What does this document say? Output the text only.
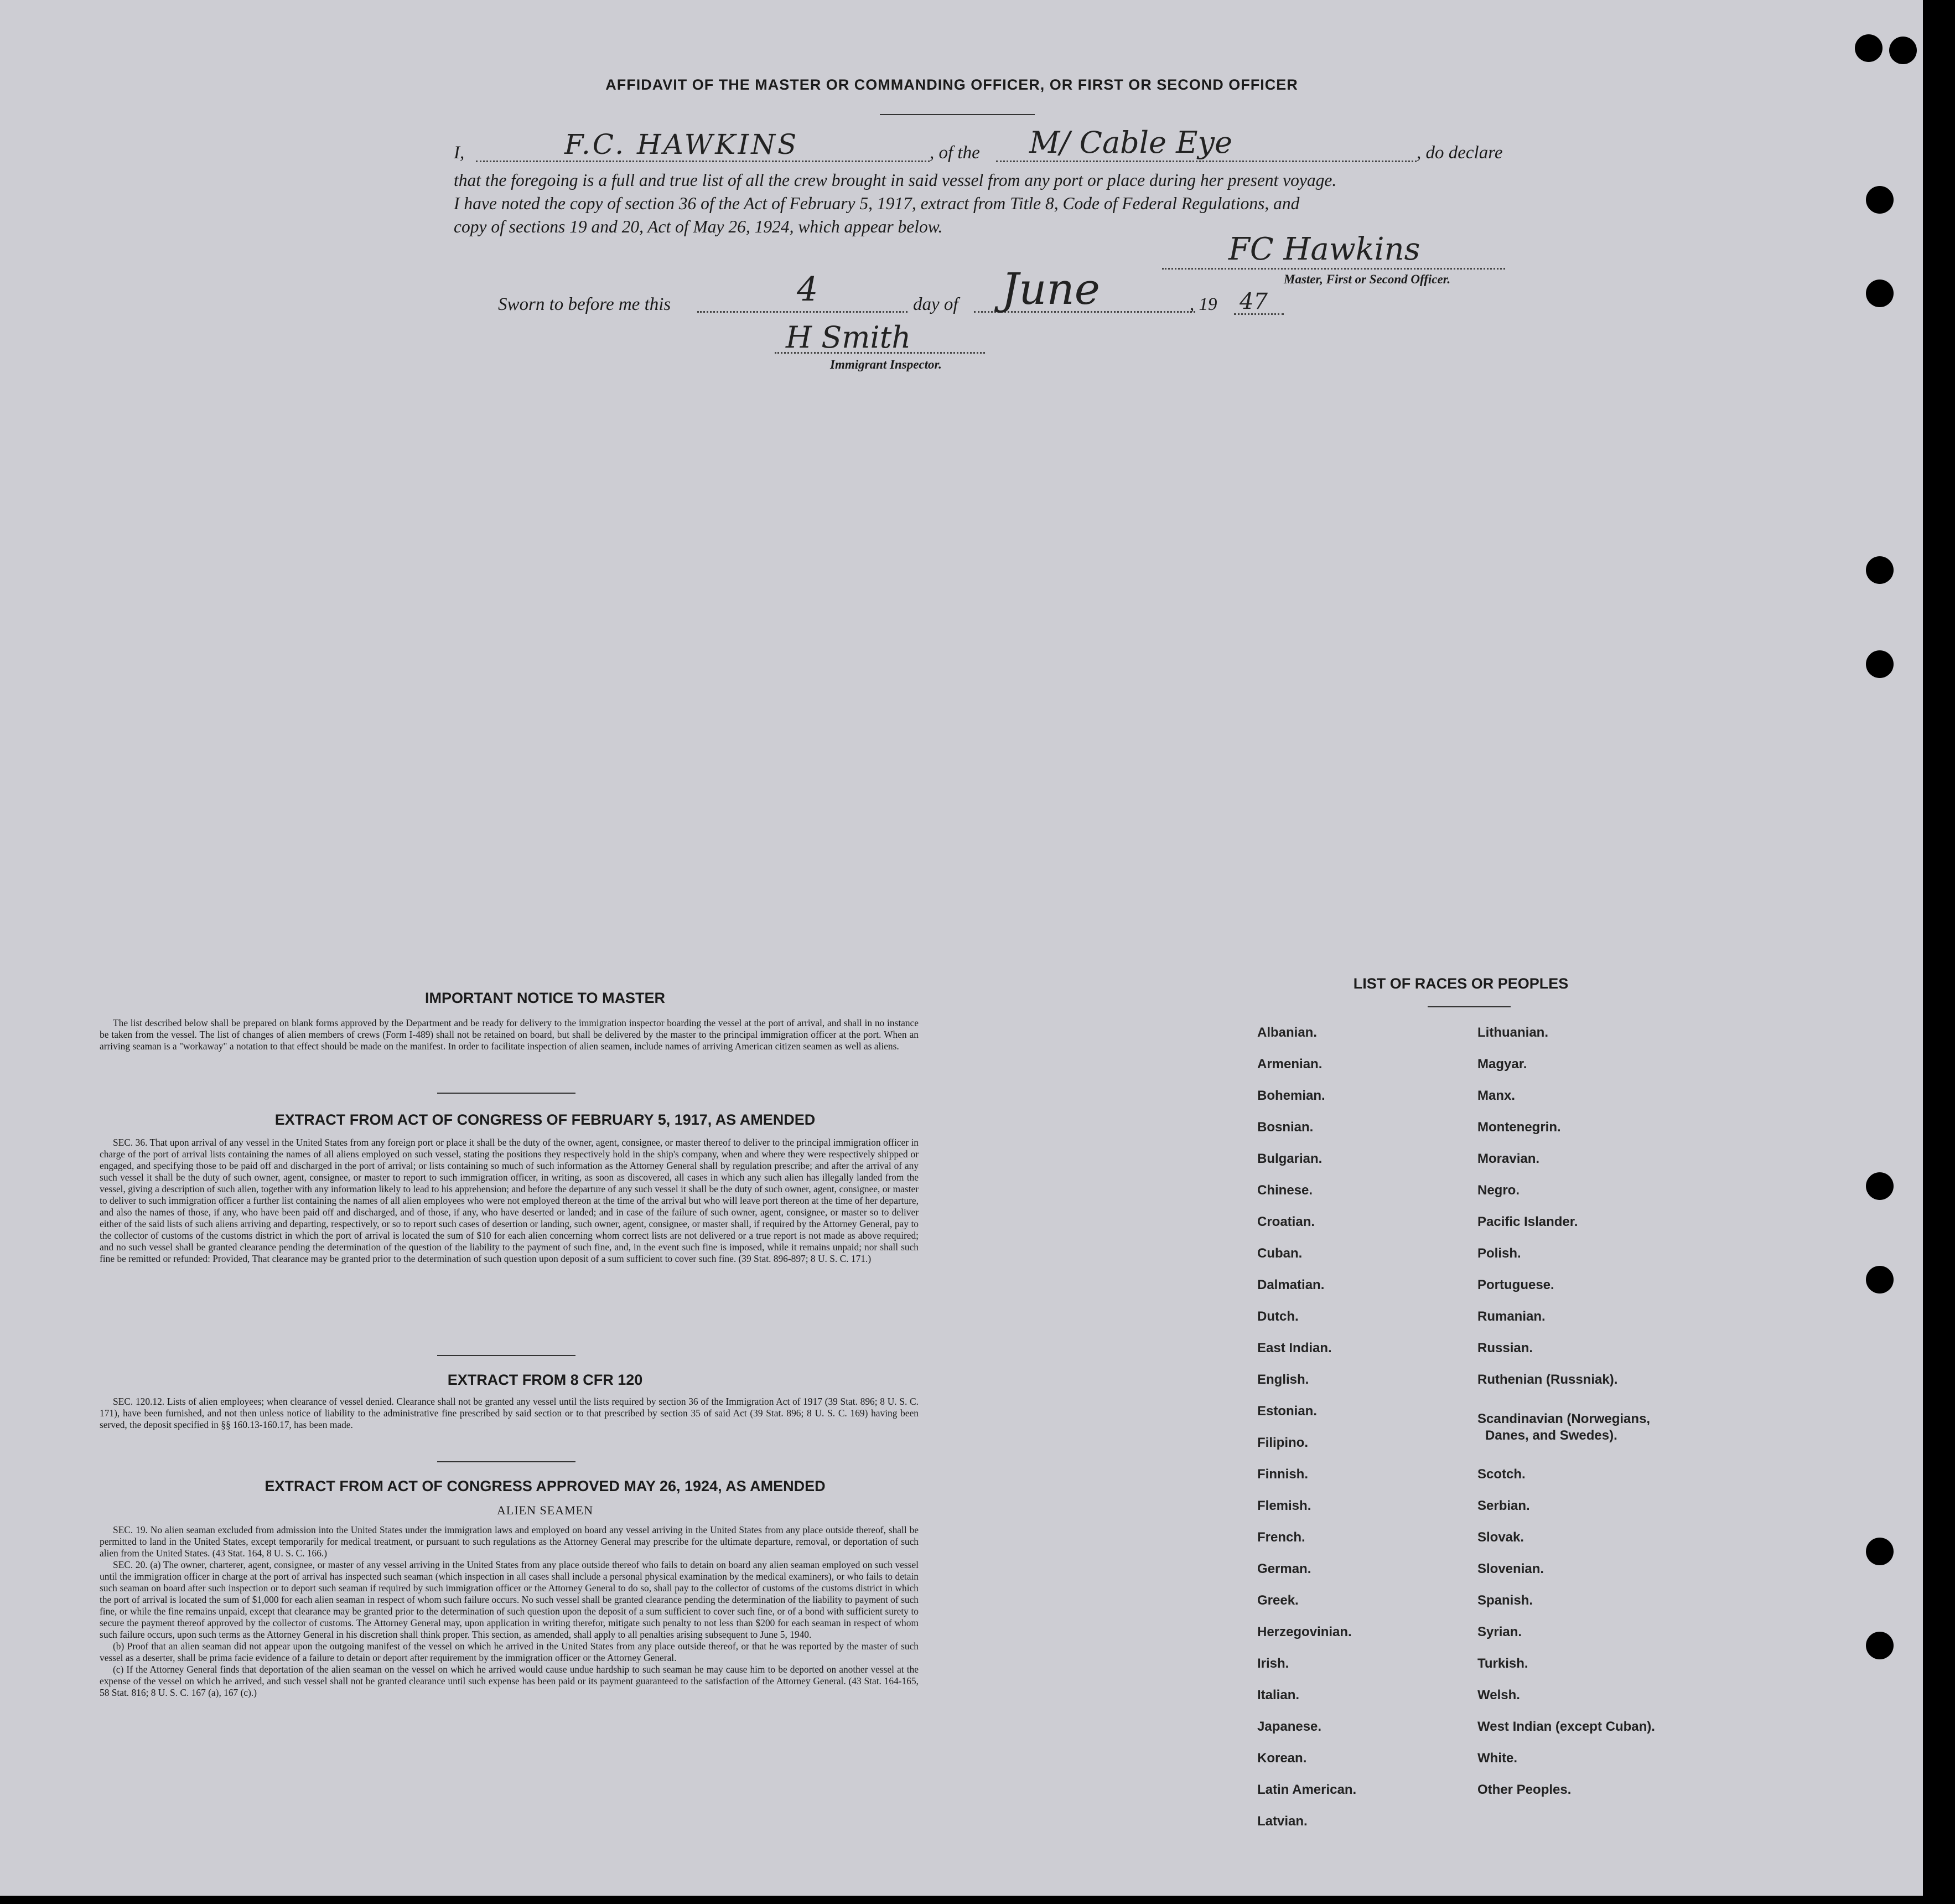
AFFIDAVIT OF THE MASTER OR COMMANDING OFFICER, OR FIRST OR SECOND OFFICER
I,	F.C. HAWKINS	, of the M/ Cable Eye	, do declare
that the foregoing is a full and true list of all the crew brought in said vessel from any port or place during her present voyage.
I have noted the copy of section 36 of the Act of February 5, 1917, extract from Title 8, Code of Federal Regulations, and
copy of sections 19 and 20, Act of May 26, 1924, which appear below.
FC Hawkins
Master, First or Second Officer.
Sworn to before me this	4	day of June	, 19 47
H Smith
Immigrant Inspector.
IMPORTANT NOTICE TO MASTER

The list described below shall be prepared on blank forms approved by the Department and be ready for delivery to the immigration inspector boarding the vessel at the port of arrival, and shall in no instance be taken from the vessel. The list of changes of alien members of crews (Form I-489) shall not be retained on board, but shall be delivered by the master to the principal immigration officer at the port. When an arriving seaman is a "workaway" a notation to that effect should be made on the manifest. In order to facilitate inspection of alien seamen, include names of arriving American citizen seamen as well as aliens.

EXTRACT FROM ACT OF CONGRESS OF FEBRUARY 5, 1917, AS AMENDED

SEC. 36. That upon arrival of any vessel in the United States from any foreign port or place it shall be the duty of the owner, agent, consignee, or master thereof to deliver to the principal immigration officer in charge of the port of arrival lists containing the names of all aliens employed on such vessel, stating the positions they respectively hold in the ship's company, when and where they were respectively shipped or engaged, and specifying those to be paid off and discharged in the port of arrival; or lists containing so much of such information as the Attorney General shall by regulation prescribe; and after the arrival of any such vessel it shall be the duty of such owner, agent, consignee, or master to report to such immigration officer, in writing, as soon as discovered, all cases in which any such alien has illegally landed from the vessel, giving a description of such alien, together with any information likely to lead to his apprehension; and before the departure of any such vessel it shall be the duty of such owner, agent, consignee, or master to deliver to such immigration officer a further list containing the names of all alien employees who were not employed thereon at the time of the arrival but who will leave port thereon at the time of her departure, and also the names of those, if any, who have been paid off and discharged, and of those, if any, who have deserted or landed; and in case of the failure of such owner, agent, consignee, or master so to deliver either of the said lists of such aliens arriving and departing, respectively, or so to report such cases of desertion or landing, such owner, agent, consignee, or master shall, if required by the Attorney General, pay to the collector of customs of the customs district in which the port of arrival is located the sum of $10 for each alien concerning whom correct lists are not delivered or a true report is not made as above required; and no such vessel shall be granted clearance pending the determination of the question of the liability to the payment of such fine, and, in the event such fine is imposed, while it remains unpaid; nor shall such fine be remitted or refunded: Provided, That clearance may be granted prior to the determination of such question upon deposit of a sum sufficient to cover such fine. (39 Stat. 896-897; 8 U. S. C. 171.)

EXTRACT FROM 8 CFR 120

SEC. 120.12. Lists of alien employees; when clearance of vessel denied. Clearance shall not be granted any vessel until the lists required by section 36 of the Immigration Act of 1917 (39 Stat. 896; 8 U. S. C. 171), have been furnished, and not then unless notice of liability to the administrative fine prescribed by said section or to that prescribed by section 35 of said Act (39 Stat. 896; 8 U. S. C. 169) having been served, the deposit specified in §§ 160.13-160.17, has been made.

EXTRACT FROM ACT OF CONGRESS APPROVED MAY 26, 1924, AS AMENDED
ALIEN SEAMEN

SEC. 19. No alien seaman excluded from admission into the United States under the immigration laws and employed on board any vessel arriving in the United States from any place outside thereof, shall be permitted to land in the United States, except temporarily for medical treatment, or pursuant to such regulations as the Attorney General may prescribe for the ultimate departure, removal, or deportation of such alien from the United States. (43 Stat. 164, 8 U. S. C. 166.)

SEC. 20. (a) The owner, charterer, agent, consignee, or master of any vessel arriving in the United States from any place outside thereof who fails to detain on board any alien seaman employed on such vessel until the immigration officer in charge at the port of arrival has inspected such seaman (which inspection in all cases shall include a personal physical examination by the medical examiners), or who fails to detain such seaman on board after such inspection or to deport such seaman if required by such immigration officer or the Attorney General to do so, shall pay to the collector of customs of the customs district in which the port of arrival is located the sum of $1,000 for each alien seaman in respect of whom such failure occurs. No such vessel shall be granted clearance pending the determination of the liability to payment of such fine, or while the fine remains unpaid, except that clearance may be granted prior to the determination of such question upon the deposit of a sum sufficient to cover such fine, or of a bond with sufficient surety to secure the payment thereof approved by the collector of customs. The Attorney General may, upon application in writing therefor, mitigate such penalty to not less than $200 for each seaman in respect of whom such failure occurs, upon such terms as the Attorney General in his discretion shall think proper. This section, as amended, shall apply to all penalties arising subsequent to June 5, 1940.

(b) Proof that an alien seaman did not appear upon the outgoing manifest of the vessel on which he arrived in the United States from any place outside thereof, or that he was reported by the master of such vessel as a deserter, shall be prima facie evidence of a failure to detain or deport after requirement by the immigration officer or the Attorney General.

(c) If the Attorney General finds that deportation of the alien seaman on the vessel on which he arrived would cause undue hardship to such seaman he may cause him to be deported on another vessel at the expense of the vessel on which he arrived, and such vessel shall not be granted clearance until such expense has been paid or its payment guaranteed to the satisfaction of the Attorney General. (43 Stat. 164-165, 58 Stat. 816; 8 U. S. C. 167 (a), 167 (c).)

LIST OF RACES OR PEOPLES
Albanian.
Armenian.
Bohemian.
Bosnian.
Bulgarian.
Chinese.
Croatian.
Cuban.
Dalmatian.
Dutch.
East Indian.
English.
Estonian.
Filipino.
Finnish.
Flemish.
French.
German.
Greek.
Herzegovinian.
Irish.
Italian.
Japanese.
Korean.
Latin American.
Latvian.
Lithuanian.
Magyar.
Manx.
Montenegrin.
Moravian.
Negro.
Pacific Islander.
Polish.
Portuguese.
Rumanian.
Russian.
Ruthenian (Russniak).
Scandinavian (Norwegians,
Danes, and Swedes).
Scotch.
Serbian.
Slovak.
Slovenian.
Spanish.
Syrian.
Turkish.
Welsh.
West Indian (except Cuban).
White.
Other Peoples.
